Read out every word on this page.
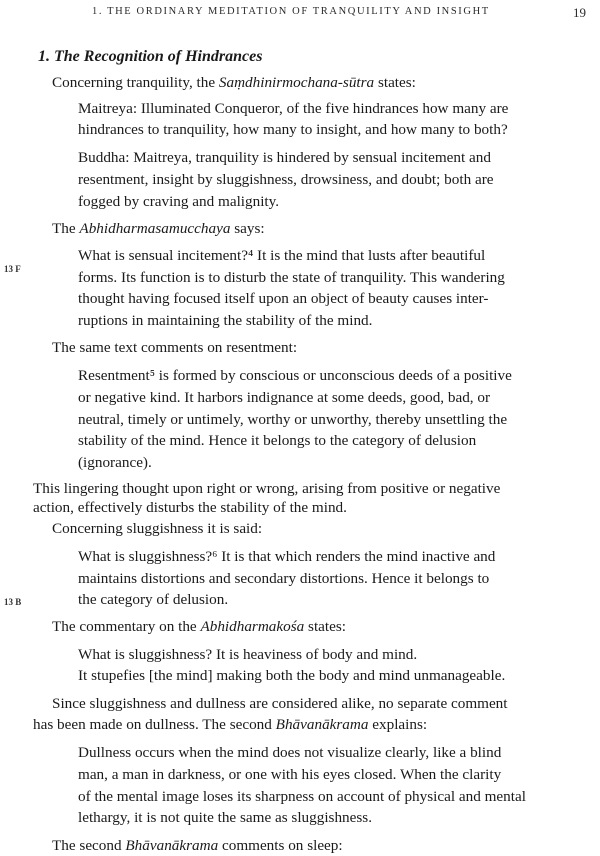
1. THE ORDINARY MEDITATION OF TRANQUILITY AND INSIGHT	19
13 F
13 B
1. The Recognition of Hindrances
Concerning tranquility, the Saṃdhinirmochana-sūtra states:
Maitreya: Illuminated Conqueror, of the five hindrances how many are
hindrances to tranquility, how many to insight, and how many to both?
Buddha: Maitreya, tranquility is hindered by sensual incitement and
resentment, insight by sluggishness, drowsiness, and doubt; both are
fogged by craving and malignity.
The Abhidharmasamucchaya says:
What is sensual incitement?⁴ It is the mind that lusts after beautiful
forms. Its function is to disturb the state of tranquility. This wandering
thought having focused itself upon an object of beauty causes inter-
ruptions in maintaining the stability of the mind.
The same text comments on resentment:
Resentment⁵ is formed by conscious or unconscious deeds of a positive
or negative kind. It harbors indignance at some deeds, good, bad, or
neutral, timely or untimely, worthy or unworthy, thereby unsettling the
stability of the mind. Hence it belongs to the category of delusion
(ignorance).
This lingering thought upon right or wrong, arising from positive or negative
action, effectively disturbs the stability of the mind.
Concerning sluggishness it is said:
What is sluggishness?⁶ It is that which renders the mind inactive and
maintains distortions and secondary distortions. Hence it belongs to
the category of delusion.
The commentary on the Abhidharmakośa states:
What is sluggishness? It is heaviness of body and mind.
It stupefies [the mind] making both the body and mind unmanageable.
Since sluggishness and dullness are considered alike, no separate comment
has been made on dullness. The second Bhāvanākrama explains:
Dullness occurs when the mind does not visualize clearly, like a blind
man, a man in darkness, or one with his eyes closed. When the clarity
of the mental image loses its sharpness on account of physical and mental
lethargy, it is not quite the same as sluggishness.
The second Bhāvanākrama comments on sleep:
